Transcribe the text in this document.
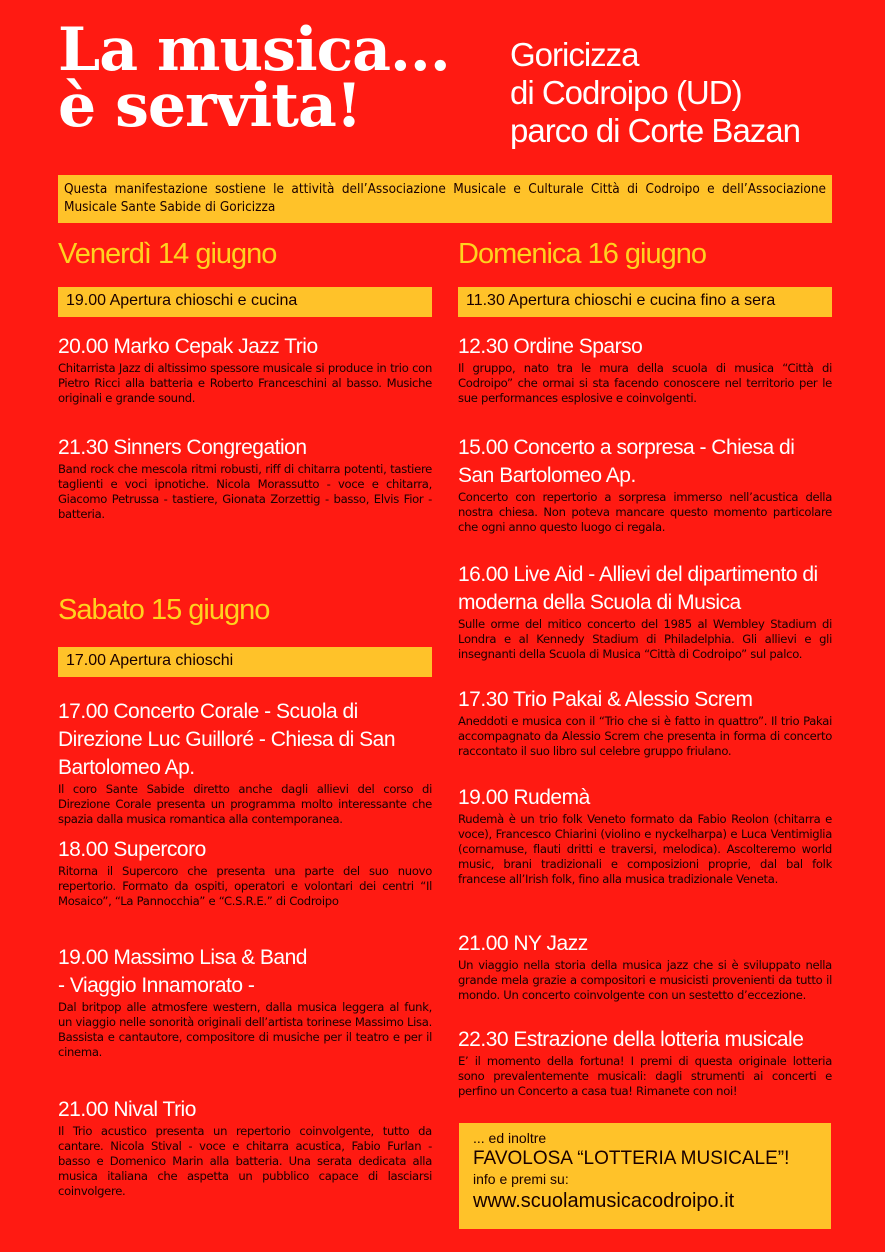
La musica...
è servita!
Goricizza
di Codroipo (UD)
parco di Corte Bazan
Questa manifestazione sostiene le attività dell’Associazione Musicale e Culturale Città di Codroipo e dell’Associazione Musicale Sante Sabide di Goricizza
Venerdì 14 giugno
19.00 Apertura chioschi e cucina
20.00 Marko Cepak Jazz Trio
Chitarrista Jazz di altissimo spessore musicale si produce in trio con Pietro Ricci alla batteria e Roberto Franceschini al basso. Musiche originali e grande sound.
21.30 Sinners Congregation
Band rock che mescola ritmi robusti, riff di chitarra potenti, tastiere taglienti e voci ipnotiche. Nicola Morassutto - voce e chitarra, Giacomo Petrussa - tastiere, Gionata Zorzettig - basso, Elvis Fior - batteria.
Sabato 15 giugno
17.00 Apertura chioschi
17.00 Concerto Corale - Scuola di Direzione Luc Guilloré - Chiesa di San Bartolomeo Ap.
Il coro Sante Sabide diretto anche dagli allievi del corso di Direzione Corale presenta un programma molto interessante che spazia dalla musica romantica alla contemporanea.
18.00 Supercoro
Ritorna il Supercoro che presenta una parte del suo nuovo repertorio. Formato da ospiti, operatori e volontari dei centri “Il Mosaico”, “La Pannocchia” e “C.S.R.E.” di Codroipo
19.00 Massimo Lisa & Band
- Viaggio Innamorato -
Dal britpop alle atmosfere western, dalla musica leggera al funk, un viaggio nelle sonorità originali dell’artista torinese Massimo Lisa. Bassista e cantautore, compositore di musiche per il teatro e per il cinema.
21.00 Nival Trio
Il Trio acustico presenta un repertorio coinvolgente, tutto da cantare. Nicola Stival - voce e chitarra acustica, Fabio Furlan - basso e Domenico Marin alla batteria. Una serata dedicata alla musica italiana che aspetta un pubblico capace di lasciarsi coinvolgere.
Domenica 16 giugno
11.30 Apertura chioschi e cucina fino a sera
12.30 Ordine Sparso
Il gruppo, nato tra le mura della scuola di musica “Città di Codroipo” che ormai si sta facendo conoscere nel territorio per le sue performances esplosive e coinvolgenti.
15.00 Concerto a sorpresa - Chiesa di San Bartolomeo Ap.
Concerto con repertorio a sorpresa immerso nell’acustica della nostra chiesa. Non poteva mancare questo momento particolare che ogni anno questo luogo ci regala.
16.00 Live Aid - Allievi del dipartimento di moderna della Scuola di Musica
Sulle orme del mitico concerto del 1985 al Wembley Stadium di Londra e al Kennedy Stadium di Philadelphia. Gli allievi e gli insegnanti della Scuola di Musica “Città di Codroipo” sul palco.
17.30 Trio Pakai & Alessio Screm
Aneddoti e musica con il “Trio che si è fatto in quattro”. Il trio Pakai accompagnato da Alessio Screm che presenta in forma di concerto raccontato il suo libro sul celebre gruppo friulano.
19.00 Rudemà
Rudemà è un trio folk Veneto formato da Fabio Reolon (chitarra e voce), Francesco Chiarini (violino e nyckelharpa) e Luca Ventimiglia (cornamuse, flauti dritti e traversi, melodica). Ascolteremo world music, brani tradizionali e composizioni proprie, dal bal folk francese all’Irish folk, fino alla musica tradizionale Veneta.
21.00 NY Jazz
Un viaggio nella storia della musica jazz che si è sviluppato nella grande mela grazie a compositori e musicisti provenienti da tutto il mondo. Un concerto coinvolgente con un sestetto d’eccezione.
22.30 Estrazione della lotteria musicale
E’ il momento della fortuna! I premi di questa originale lotteria sono prevalentemente musicali: dagli strumenti ai concerti e perfino un Concerto a casa tua! Rimanete con noi!
... ed inoltre
FAVOLOSA “LOTTERIA MUSICALE”!
info e premi su:
www.scuolamusicacodroipo.it
